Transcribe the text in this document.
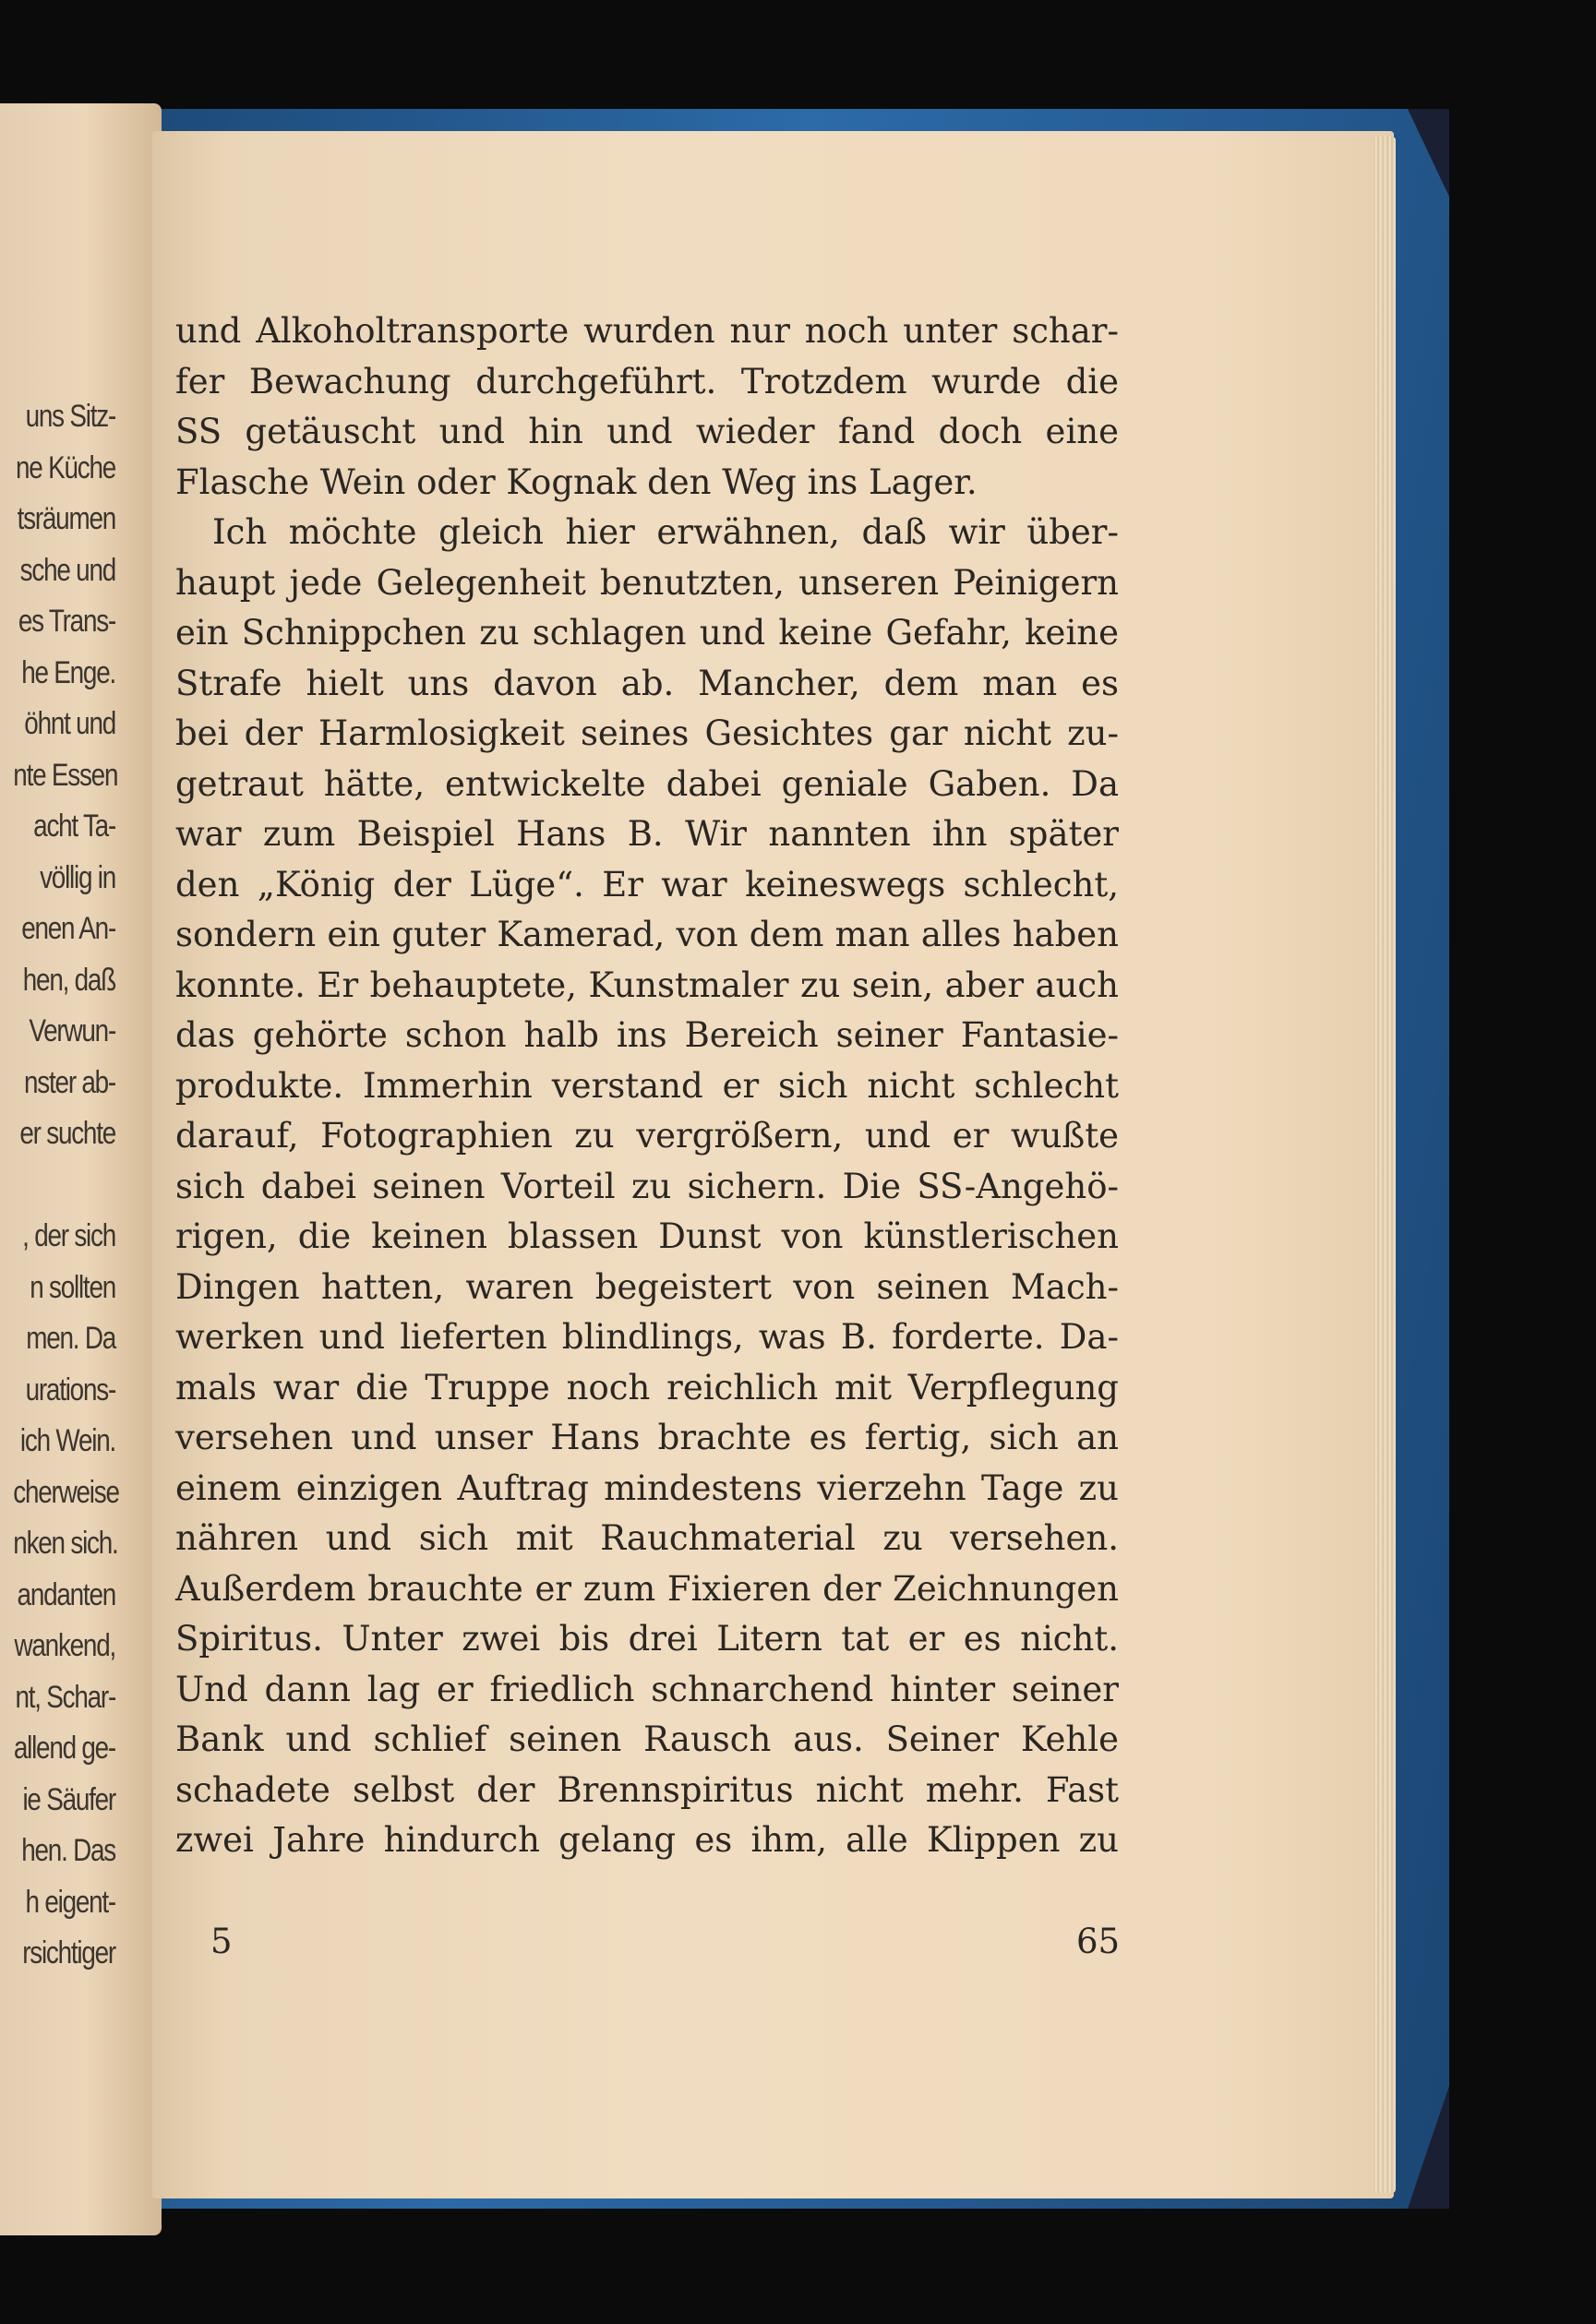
uns Sitz-
ne Küche
tsräumen
sche und
es Trans-
he Enge.
öhnt und
nte Essen
acht Ta-
völlig in
enen An-
hen, daß
Verwun-
nster ab-
er suchte
, der sich
n sollten
men. Da
urations-
ich Wein.
cherweise
nken sich.
andanten
wankend,
nt, Schar-
allend ge-
ie Säufer
hen. Das
h eigent-
rsichtiger
und Alkoholtransporte wurden nur noch unter schar-
fer Bewachung durchgeführt. Trotzdem wurde die
SS getäuscht und hin und wieder fand doch eine
Flasche Wein oder Kognak den Weg ins Lager.
Ich möchte gleich hier erwähnen, daß wir über-
haupt jede Gelegenheit benutzten, unseren Peinigern
ein Schnippchen zu schlagen und keine Gefahr, keine
Strafe hielt uns davon ab. Mancher, dem man es
bei der Harmlosigkeit seines Gesichtes gar nicht zu-
getraut hätte, entwickelte dabei geniale Gaben. Da
war zum Beispiel Hans B. Wir nannten ihn später
den „König der Lüge“. Er war keineswegs schlecht,
sondern ein guter Kamerad, von dem man alles haben
konnte. Er behauptete, Kunstmaler zu sein, aber auch
das gehörte schon halb ins Bereich seiner Fantasie-
produkte. Immerhin verstand er sich nicht schlecht
darauf, Fotographien zu vergrößern, und er wußte
sich dabei seinen Vorteil zu sichern. Die SS-Angehö-
rigen, die keinen blassen Dunst von künstlerischen
Dingen hatten, waren begeistert von seinen Mach-
werken und lieferten blindlings, was B. forderte. Da-
mals war die Truppe noch reichlich mit Verpflegung
versehen und unser Hans brachte es fertig, sich an
einem einzigen Auftrag mindestens vierzehn Tage zu
nähren und sich mit Rauchmaterial zu versehen.
Außerdem brauchte er zum Fixieren der Zeichnungen
Spiritus. Unter zwei bis drei Litern tat er es nicht.
Und dann lag er friedlich schnarchend hinter seiner
Bank und schlief seinen Rausch aus. Seiner Kehle
schadete selbst der Brennspiritus nicht mehr. Fast
zwei Jahre hindurch gelang es ihm, alle Klippen zu
5	65
